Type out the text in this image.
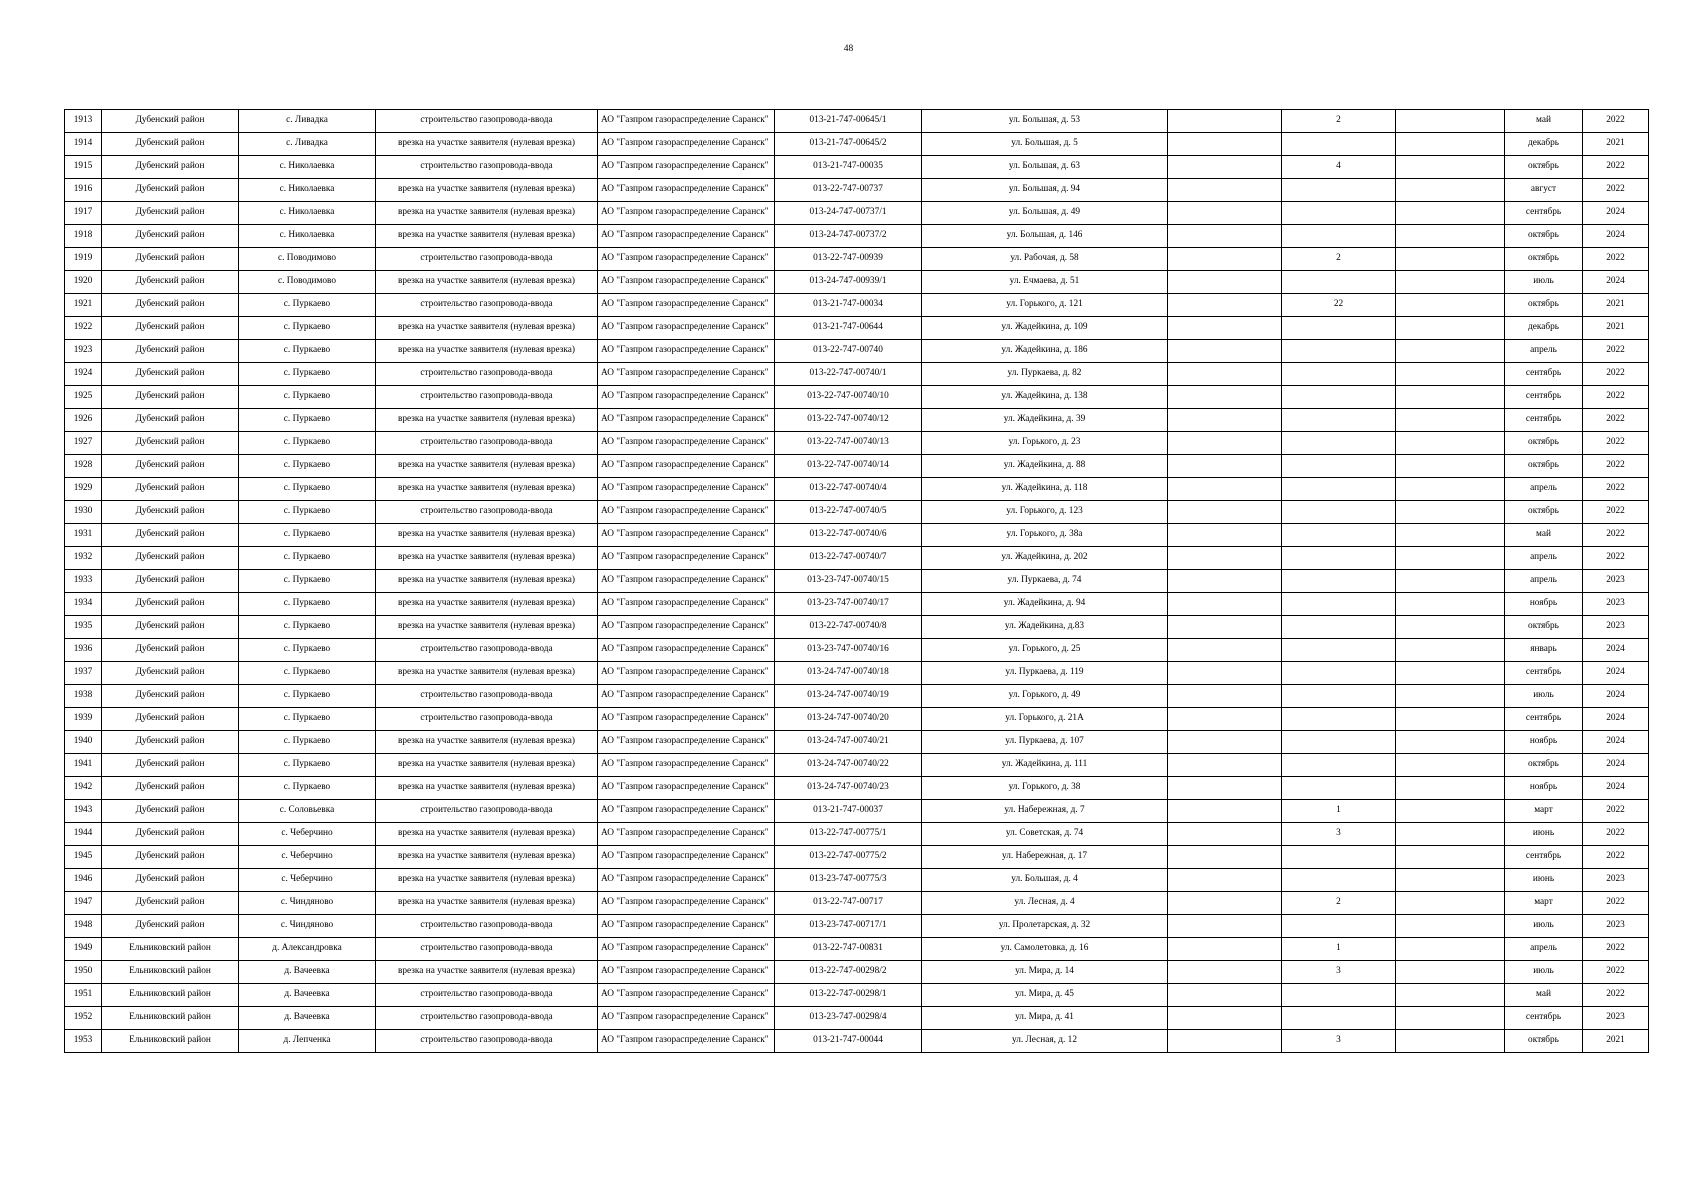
48
1913	Дубенский район	с. Ливадка	строительство газопровода-ввода	АО "Газпром газораспределение Саранск"	013-21-747-00645/1	ул. Большая, д. 53		2		май	2022
1914	Дубенский район	с. Ливадка	врезка на участке заявителя (нулевая врезка)	АО "Газпром газораспределение Саранск"	013-21-747-00645/2	ул. Большая, д. 5				декабрь	2021
1915	Дубенский район	с. Николаевка	строительство газопровода-ввода	АО "Газпром газораспределение Саранск"	013-21-747-00035	ул. Большая, д. 63		4		октябрь	2022
1916	Дубенский район	с. Николаевка	врезка на участке заявителя (нулевая врезка)	АО "Газпром газораспределение Саранск"	013-22-747-00737	ул. Большая, д. 94				август	2022
1917	Дубенский район	с. Николаевка	врезка на участке заявителя (нулевая врезка)	АО "Газпром газораспределение Саранск"	013-24-747-00737/1	ул. Большая, д. 49				сентябрь	2024
1918	Дубенский район	с. Николаевка	врезка на участке заявителя (нулевая врезка)	АО "Газпром газораспределение Саранск"	013-24-747-00737/2	ул. Большая, д. 146				октябрь	2024
1919	Дубенский район	с. Поводимово	строительство газопровода-ввода	АО "Газпром газораспределение Саранск"	013-22-747-00939	ул. Рабочая, д. 58		2		октябрь	2022
1920	Дубенский район	с. Поводимово	врезка на участке заявителя (нулевая врезка)	АО "Газпром газораспределение Саранск"	013-24-747-00939/1	ул. Ечмаева, д. 51				июль	2024
1921	Дубенский район	с. Пуркаево	строительство газопровода-ввода	АО "Газпром газораспределение Саранск"	013-21-747-00034	ул. Горького, д. 121		22		октябрь	2021
1922	Дубенский район	с. Пуркаево	врезка на участке заявителя (нулевая врезка)	АО "Газпром газораспределение Саранск"	013-21-747-00644	ул. Жадейкина, д. 109				декабрь	2021
1923	Дубенский район	с. Пуркаево	врезка на участке заявителя (нулевая врезка)	АО "Газпром газораспределение Саранск"	013-22-747-00740	ул. Жадейкина, д. 186				апрель	2022
1924	Дубенский район	с. Пуркаево	строительство газопровода-ввода	АО "Газпром газораспределение Саранск"	013-22-747-00740/1	ул. Пуркаева, д. 82				сентябрь	2022
1925	Дубенский район	с. Пуркаево	строительство газопровода-ввода	АО "Газпром газораспределение Саранск"	013-22-747-00740/10	ул. Жадейкина, д. 138				сентябрь	2022
1926	Дубенский район	с. Пуркаево	врезка на участке заявителя (нулевая врезка)	АО "Газпром газораспределение Саранск"	013-22-747-00740/12	ул. Жадейкина, д. 39				сентябрь	2022
1927	Дубенский район	с. Пуркаево	строительство газопровода-ввода	АО "Газпром газораспределение Саранск"	013-22-747-00740/13	ул. Горького, д. 23				октябрь	2022
1928	Дубенский район	с. Пуркаево	врезка на участке заявителя (нулевая врезка)	АО "Газпром газораспределение Саранск"	013-22-747-00740/14	ул. Жадейкина, д. 88				октябрь	2022
1929	Дубенский район	с. Пуркаево	врезка на участке заявителя (нулевая врезка)	АО "Газпром газораспределение Саранск"	013-22-747-00740/4	ул. Жадейкина, д. 118				апрель	2022
1930	Дубенский район	с. Пуркаево	строительство газопровода-ввода	АО "Газпром газораспределение Саранск"	013-22-747-00740/5	ул. Горького, д. 123				октябрь	2022
1931	Дубенский район	с. Пуркаево	врезка на участке заявителя (нулевая врезка)	АО "Газпром газораспределение Саранск"	013-22-747-00740/6	ул. Горького, д. 38а				май	2022
1932	Дубенский район	с. Пуркаево	врезка на участке заявителя (нулевая врезка)	АО "Газпром газораспределение Саранск"	013-22-747-00740/7	ул. Жадейкина, д. 202				апрель	2022
1933	Дубенский район	с. Пуркаево	врезка на участке заявителя (нулевая врезка)	АО "Газпром газораспределение Саранск"	013-23-747-00740/15	ул. Пуркаева, д. 74				апрель	2023
1934	Дубенский район	с. Пуркаево	врезка на участке заявителя (нулевая врезка)	АО "Газпром газораспределение Саранск"	013-23-747-00740/17	ул. Жадейкина, д. 94				ноябрь	2023
1935	Дубенский район	с. Пуркаево	врезка на участке заявителя (нулевая врезка)	АО "Газпром газораспределение Саранск"	013-22-747-00740/8	ул. Жадейкина, д.83				октябрь	2023
1936	Дубенский район	с. Пуркаево	строительство газопровода-ввода	АО "Газпром газораспределение Саранск"	013-23-747-00740/16	ул. Горького, д. 25				январь	2024
1937	Дубенский район	с. Пуркаево	врезка на участке заявителя (нулевая врезка)	АО "Газпром газораспределение Саранск"	013-24-747-00740/18	ул. Пуркаева, д. 119				сентябрь	2024
1938	Дубенский район	с. Пуркаево	строительство газопровода-ввода	АО "Газпром газораспределение Саранск"	013-24-747-00740/19	ул. Горького, д. 49				июль	2024
1939	Дубенский район	с. Пуркаево	строительство газопровода-ввода	АО "Газпром газораспределение Саранск"	013-24-747-00740/20	ул. Горького, д. 21А				сентябрь	2024
1940	Дубенский район	с. Пуркаево	врезка на участке заявителя (нулевая врезка)	АО "Газпром газораспределение Саранск"	013-24-747-00740/21	ул. Пуркаева, д. 107				ноябрь	2024
1941	Дубенский район	с. Пуркаево	врезка на участке заявителя (нулевая врезка)	АО "Газпром газораспределение Саранск"	013-24-747-00740/22	ул. Жадейкина, д. 111				октябрь	2024
1942	Дубенский район	с. Пуркаево	врезка на участке заявителя (нулевая врезка)	АО "Газпром газораспределение Саранск"	013-24-747-00740/23	ул. Горького, д. 38				ноябрь	2024
1943	Дубенский район	с. Соловьевка	строительство газопровода-ввода	АО "Газпром газораспределение Саранск"	013-21-747-00037	ул. Набережная, д. 7		1		март	2022
1944	Дубенский район	с. Чеберчино	врезка на участке заявителя (нулевая врезка)	АО "Газпром газораспределение Саранск"	013-22-747-00775/1	ул. Советская, д. 74		3		июнь	2022
1945	Дубенский район	с. Чеберчино	врезка на участке заявителя (нулевая врезка)	АО "Газпром газораспределение Саранск"	013-22-747-00775/2	ул. Набережная, д. 17				сентябрь	2022
1946	Дубенский район	с. Чеберчино	врезка на участке заявителя (нулевая врезка)	АО "Газпром газораспределение Саранск"	013-23-747-00775/3	ул. Большая, д. 4				июнь	2023
1947	Дубенский район	с. Чиндяново	врезка на участке заявителя (нулевая врезка)	АО "Газпром газораспределение Саранск"	013-22-747-00717	ул. Лесная, д. 4		2		март	2022
1948	Дубенский район	с. Чиндяново	строительство газопровода-ввода	АО "Газпром газораспределение Саранск"	013-23-747-00717/1	ул. Пролетарская, д. 32				июль	2023
1949	Ельниковский район	д. Александровка	строительство газопровода-ввода	АО "Газпром газораспределение Саранск"	013-22-747-00831	ул. Самолетовка, д. 16		1		апрель	2022
1950	Ельниковский район	д. Вачеевка	врезка на участке заявителя (нулевая врезка)	АО "Газпром газораспределение Саранск"	013-22-747-00298/2	ул. Мира, д. 14		3		июль	2022
1951	Ельниковский район	д. Вачеевка	строительство газопровода-ввода	АО "Газпром газораспределение Саранск"	013-22-747-00298/1	ул. Мира, д. 45				май	2022
1952	Ельниковский район	д. Вачеевка	строительство газопровода-ввода	АО "Газпром газораспределение Саранск"	013-23-747-00298/4	ул. Мира, д. 41				сентябрь	2023
1953	Ельниковский район	д. Лепченка	строительство газопровода-ввода	АО "Газпром газораспределение Саранск"	013-21-747-00044	ул. Лесная, д. 12		3		октябрь	2021
